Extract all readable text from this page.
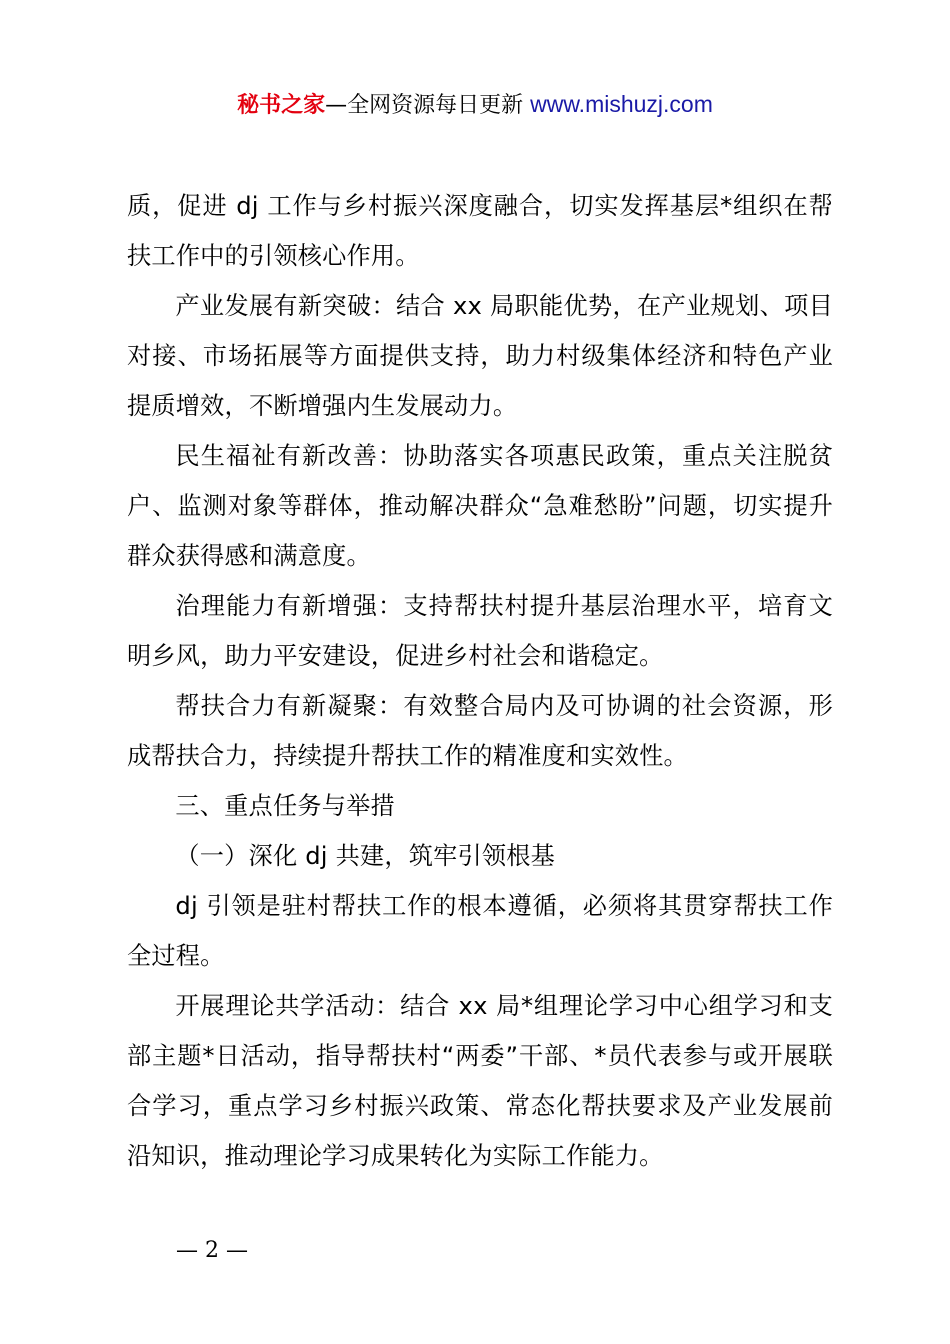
秘书之家—全网资源每日更新 www.mishuzj.com

质，促进 dj 工作与乡村振兴深度融合，切实发挥基层*组织在帮扶工作中的引领核心作用。

产业发展有新突破：结合 xx 局职能优势，在产业规划、项目对接、市场拓展等方面提供支持，助力村级集体经济和特色产业提质增效，不断增强内生发展动力。

民生福祉有新改善：协助落实各项惠民政策，重点关注脱贫户、监测对象等群体，推动解决群众“急难愁盼”问题，切实提升群众获得感和满意度。

治理能力有新增强：支持帮扶村提升基层治理水平，培育文明乡风，助力平安建设，促进乡村社会和谐稳定。

帮扶合力有新凝聚：有效整合局内及可协调的社会资源，形成帮扶合力，持续提升帮扶工作的精准度和实效性。

三、重点任务与举措

（一）深化 dj 共建，筑牢引领根基

dj 引领是驻村帮扶工作的根本遵循，必须将其贯穿帮扶工作全过程。

开展理论共学活动：结合 xx 局*组理论学习中心组学习和支部主题*日活动，指导帮扶村“两委”干部、*员代表参与或开展联合学习，重点学习乡村振兴政策、常态化帮扶要求及产业发展前沿知识，推动理论学习成果转化为实际工作能力。

— 2 —
